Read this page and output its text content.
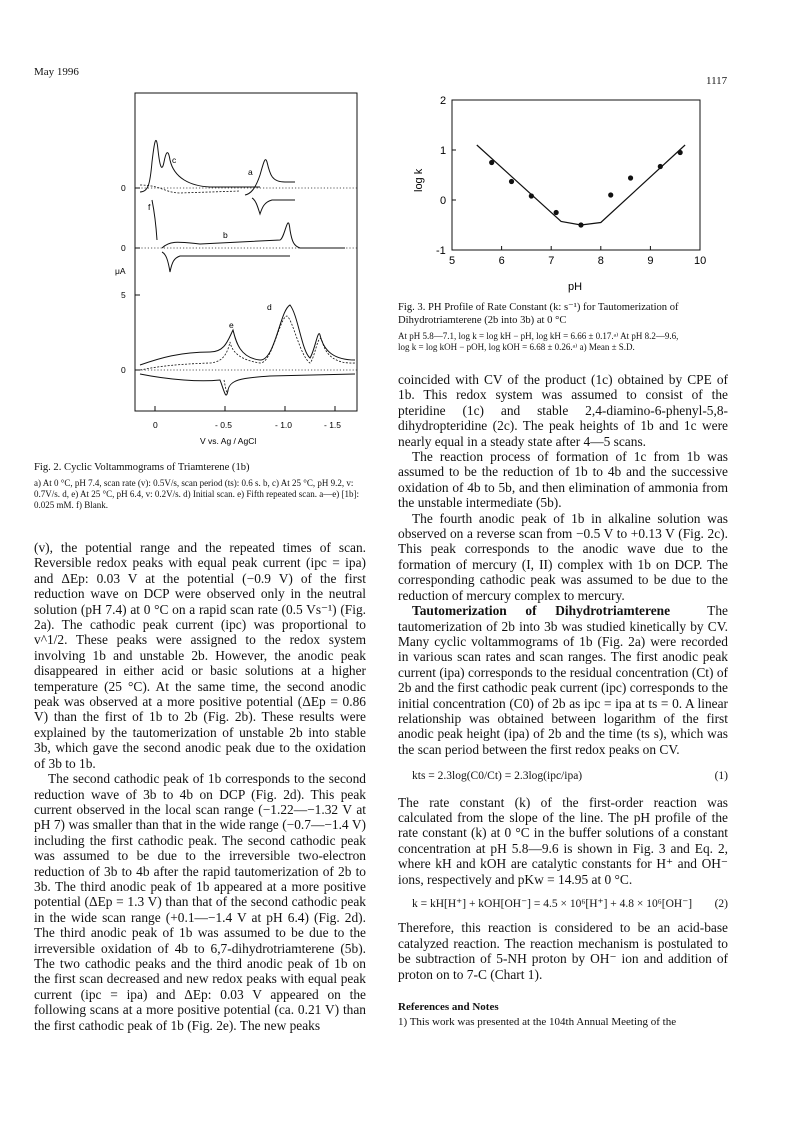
May 1996
1117
0
0
μA
5
0
c
a
f
b
d
e
0	- 0.5	- 1.0	- 1.5
V vs. Ag / AgCl

Fig. 2. Cyclic Voltammograms of Triamterene (1b)

a) At 0 °C, pH 7.4, scan rate (v): 0.5V/s, scan period (ts): 0.6 s. b, c) At 25 °C, pH 9.2, v: 0.7V/s. d, e) At 25 °C, pH 6.4, v: 0.2V/s. d) Initial scan. e) Fifth repeated scan. a—e) [1b]: 0.025 mM. f) Blank.

5	6	7	8	9	10
-1
0
1
2
log k
pH

Fig. 3. PH Profile of Rate Constant (k: s⁻¹) for Tautomerization of Dihydrotriamterene (2b into 3b) at 0 °C

At pH 5.8—7.1, log k = log kH − pH, log kH = 6.66 ± 0.17.ᵃ⁾ At pH 8.2—9.6,

log k = log kOH − pOH, log kOH = 6.68 ± 0.26.ᵃ⁾ a) Mean ± S.D.

(v), the potential range and the repeated times of scan. Reversible redox peaks with equal peak current (ipc = ipa) and ΔEp: 0.03 V at the potential (−0.9 V) of the first reduction wave on DCP were observed only in the neutral solution (pH 7.4) at 0 °C on a rapid scan rate (0.5 Vs⁻¹) (Fig. 2a). The cathodic peak current (ipc) was proportional to v^1/2. These peaks were assigned to the redox system involving 1b and unstable 2b. However, the anodic peak disappeared in either acid or basic solutions at a higher temperature (25 °C). At the same time, the second anodic peak was observed at a more positive potential (ΔEp = 0.86 V) than the first of 1b to 2b (Fig. 2b). These results were explained by the tautomerization of unstable 2b into stable 3b, which gave the second anodic peak due to the oxidation of 3b to 1b.

The second cathodic peak of 1b corresponds to the second reduction wave of 3b to 4b on DCP (Fig. 2d). This peak current observed in the local scan range (−1.22—−1.32 V at pH 7) was smaller than that in the wide range (−0.7—−1.4 V) including the first cathodic peak. The second cathodic peak was assumed to be due to the irreversible two-electron reduction of 3b to 4b after the rapid tautomerization of 2b to 3b. The third anodic peak of 1b appeared at a more positive potential (ΔEp = 1.3 V) than that of the second cathodic peak in the wide scan range (+0.1—−1.4 V at pH 6.4) (Fig. 2d). The third anodic peak of 1b was assumed to be due to the irreversible oxidation of 4b to 6,7-dihydrotriamterene (5b). The two cathodic peaks and the third anodic peak of 1b on the first scan decreased and new redox peaks with equal peak current (ipc = ipa) and ΔEp: 0.03 V appeared on the following scans at a more positive potential (ca. 0.21 V) than the first cathodic peak of 1b (Fig. 2e). The new peaks

coincided with CV of the product (1c) obtained by CPE of 1b. This redox system was assumed to consist of the pteridine (1c) and stable 2,4-diamino-6-phenyl-5,8-dihydropteridine (2c). The peak heights of 1b and 1c were nearly equal in a steady state after 4—5 scans.

The reaction process of formation of 1c from 1b was assumed to be the reduction of 1b to 4b and the successive oxidation of 4b to 5b, and then elimination of ammonia from the unstable intermediate (5b).

The fourth anodic peak of 1b in alkaline solution was observed on a reverse scan from −0.5 V to +0.13 V (Fig. 2c). This peak corresponds to the anodic wave due to the formation of mercury (I, II) complex with 1b on DCP. The corresponding cathodic peak was assumed to be due to the reduction of mercury complex to mercury.

Tautomerization of Dihydrotriamterene	The tautomerization of 2b into 3b was studied kinetically by CV. Many cyclic voltammograms of 1b (Fig. 2a) were recorded in various scan rates and scan ranges. The first anodic peak current (ipa) corresponds to the residual concentration (Ct) of 2b and the first cathodic peak current (ipc) corresponds to the initial concentration (C0) of 2b as ipc = ipa at ts = 0. A linear relationship was obtained between logarithm of the first anodic peak height (ipa) of 2b and the time (ts s), which was the scan period between the first redox peaks on CV.

kts = 2.3log(C0/Ct) = 2.3log(ipc/ipa)	(1)

The rate constant (k) of the first-order reaction was calculated from the slope of the line. The pH profile of the rate constant (k) at 0 °C in the buffer solutions of a constant concentration at pH 5.8—9.6 is shown in Fig. 3 and Eq. 2, where kH and kOH are catalytic constants for H⁺ and OH⁻ ions, respectively and pKw = 14.95 at 0 °C.

k = kH[H⁺] + kOH[OH⁻] = 4.5 × 10⁶[H⁺] + 4.8 × 10⁶[OH⁻] (2)

Therefore, this reaction is considered to be an acid-base catalyzed reaction. The reaction mechanism is postulated to be subtraction of 5-NH proton by OH⁻ ion and addition of proton on to 7-C (Chart 1).

References and Notes
1) This work was presented at the 104th Annual Meeting of the
